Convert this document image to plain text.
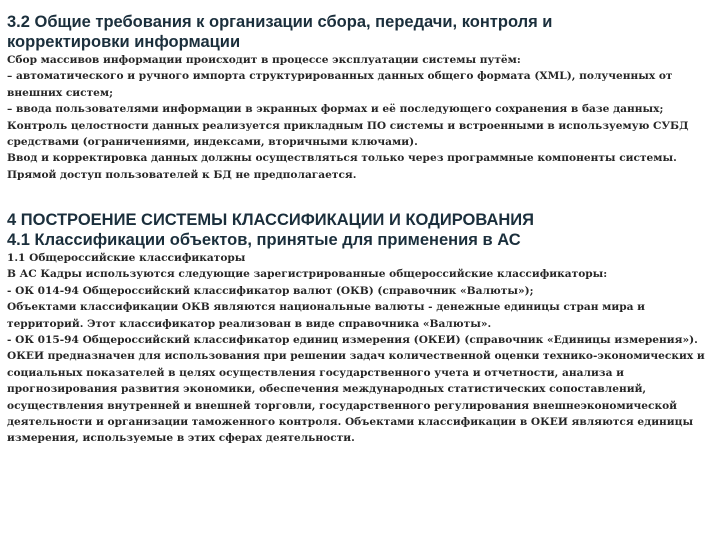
3.2 Общие требования к организации сбора, передачи, контроля и

корректировки информации

Сбор массивов информации происходит в процессе эксплуатации системы путём:

– автоматического и ручного импорта структурированных данных общего формата (XML), полученных от

внешних систем;

– ввода пользователями информации в экранных формах и её последующего сохранения в базе данных;

Контроль целостности данных реализуется прикладным ПО системы и встроенными в используемую СУБД

средствами (ограничениями, индексами, вторичными ключами).

Ввод и корректировка данных должны осуществляться только через программные компоненты системы.

Прямой доступ пользователей к БД не предполагается.

4 ПОСТРОЕНИЕ СИСТЕМЫ КЛАССИФИКАЦИИ И КОДИРОВАНИЯ

4.1 Классификации объектов, принятые для применения в АС

1.1 Общероссийские классификаторы

В АС Кадры используются следующие зарегистрированные общероссийские классификаторы:

- ОК 014-94 Общероссийский классификатор валют (ОКВ) (справочник «Валюты»);

Объектами классификации ОКВ являются национальные валюты - денежные единицы стран мира и

территорий. Этот классификатор реализован в виде справочника «Валюты».

- ОК 015-94 Общероссийский классификатор единиц измерения (ОКЕИ) (справочник «Единицы измерения»).

ОКЕИ предназначен для использования при решении задач количественной оценки технико-экономических и

социальных показателей в целях осуществления государственного учета и отчетности, анализа и

прогнозирования развития экономики, обеспечения международных статистических сопоставлений,

осуществления внутренней и внешней торговли, государственного регулирования внешнеэкономической

деятельности и организации таможенного контроля. Объектами классификации в ОКЕИ являются единицы

измерения, используемые в этих сферах деятельности.
